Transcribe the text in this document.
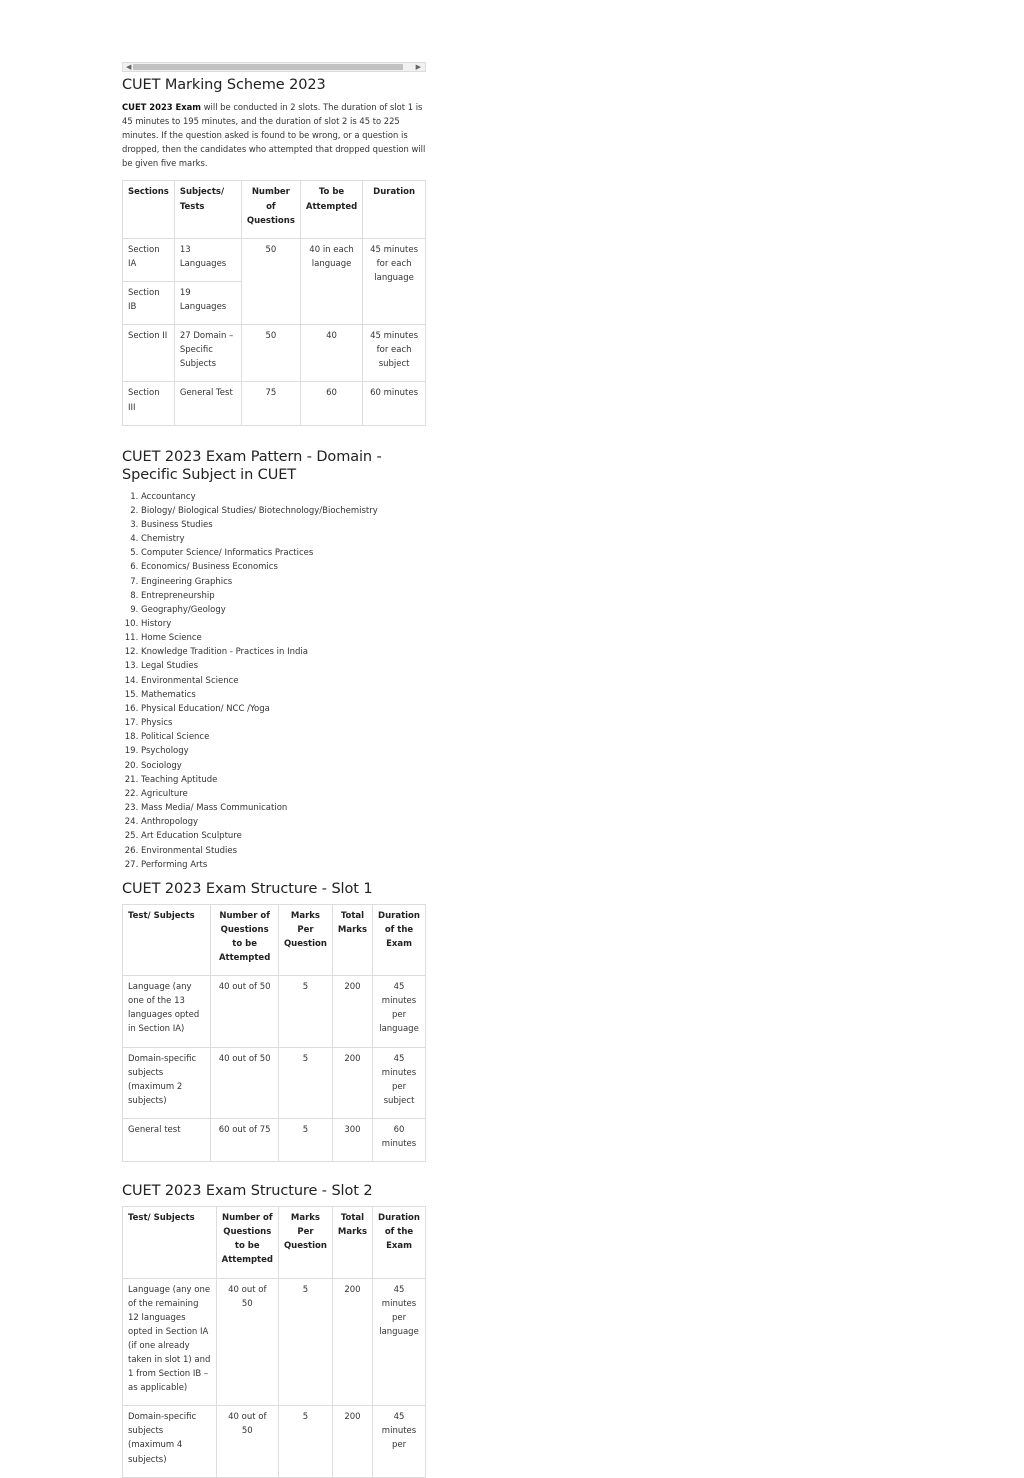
◀	▶
CUET Marking Scheme 2023

CUET 2023 Exam will be conducted in 2 slots. The duration of slot 1 is 45 minutes to 195 minutes, and the duration of slot 2 is 45 to 225 minutes. If the question asked is found to be wrong, or a question is dropped, then the candidates who attempted that dropped question will be given five marks.

Sections	Subjects/ Tests	Number of Questions	To be Attempted	Duration
Section IA	13 Languages	50	40 in each language	45 minutes for each language
Section IB	19 Languages			
Section II	27 Domain – Specific Subjects	50	40	45 minutes for each subject
Section III	General Test	75	60	60 minutes
CUET 2023 Exam Pattern - Domain - Specific Subject in CUET
1. Accountancy
2. Biology/ Biological Studies/ Biotechnology/Biochemistry
3. Business Studies
4. Chemistry
5. Computer Science/ Informatics Practices
6. Economics/ Business Economics
7. Engineering Graphics
8. Entrepreneurship
9. Geography/Geology
10. History
11. Home Science
12. Knowledge Tradition - Practices in India
13. Legal Studies
14. Environmental Science
15. Mathematics
16. Physical Education/ NCC /Yoga
17. Physics
18. Political Science
19. Psychology
20. Sociology
21. Teaching Aptitude
22. Agriculture
23. Mass Media/ Mass Communication
24. Anthropology
25. Art Education Sculpture
26. Environmental Studies
27. Performing Arts
CUET 2023 Exam Structure - Slot 1
Test/ Subjects	Number of Questions to be Attempted	Marks Per Question	Total Marks	Duration of the Exam
Language (any one of the 13 languages opted in Section IA)	40 out of 50	5	200	45 minutes per language
Domain-specific subjects (maximum 2 subjects)	40 out of 50	5	200	45 minutes per subject
General test	60 out of 75	5	300	60 minutes
CUET 2023 Exam Structure - Slot 2
Test/ Subjects	Number of Questions to be Attempted	Marks Per Question	Total Marks	Duration of the Exam
Language (any one of the remaining 12 languages opted in Section IA (if one already taken in slot 1) and 1 from Section IB – as applicable)	40 out of 50	5	200	45 minutes per language
Domain-specific subjects (maximum 4 subjects)	40 out of 50	5	200	45 minutes per
